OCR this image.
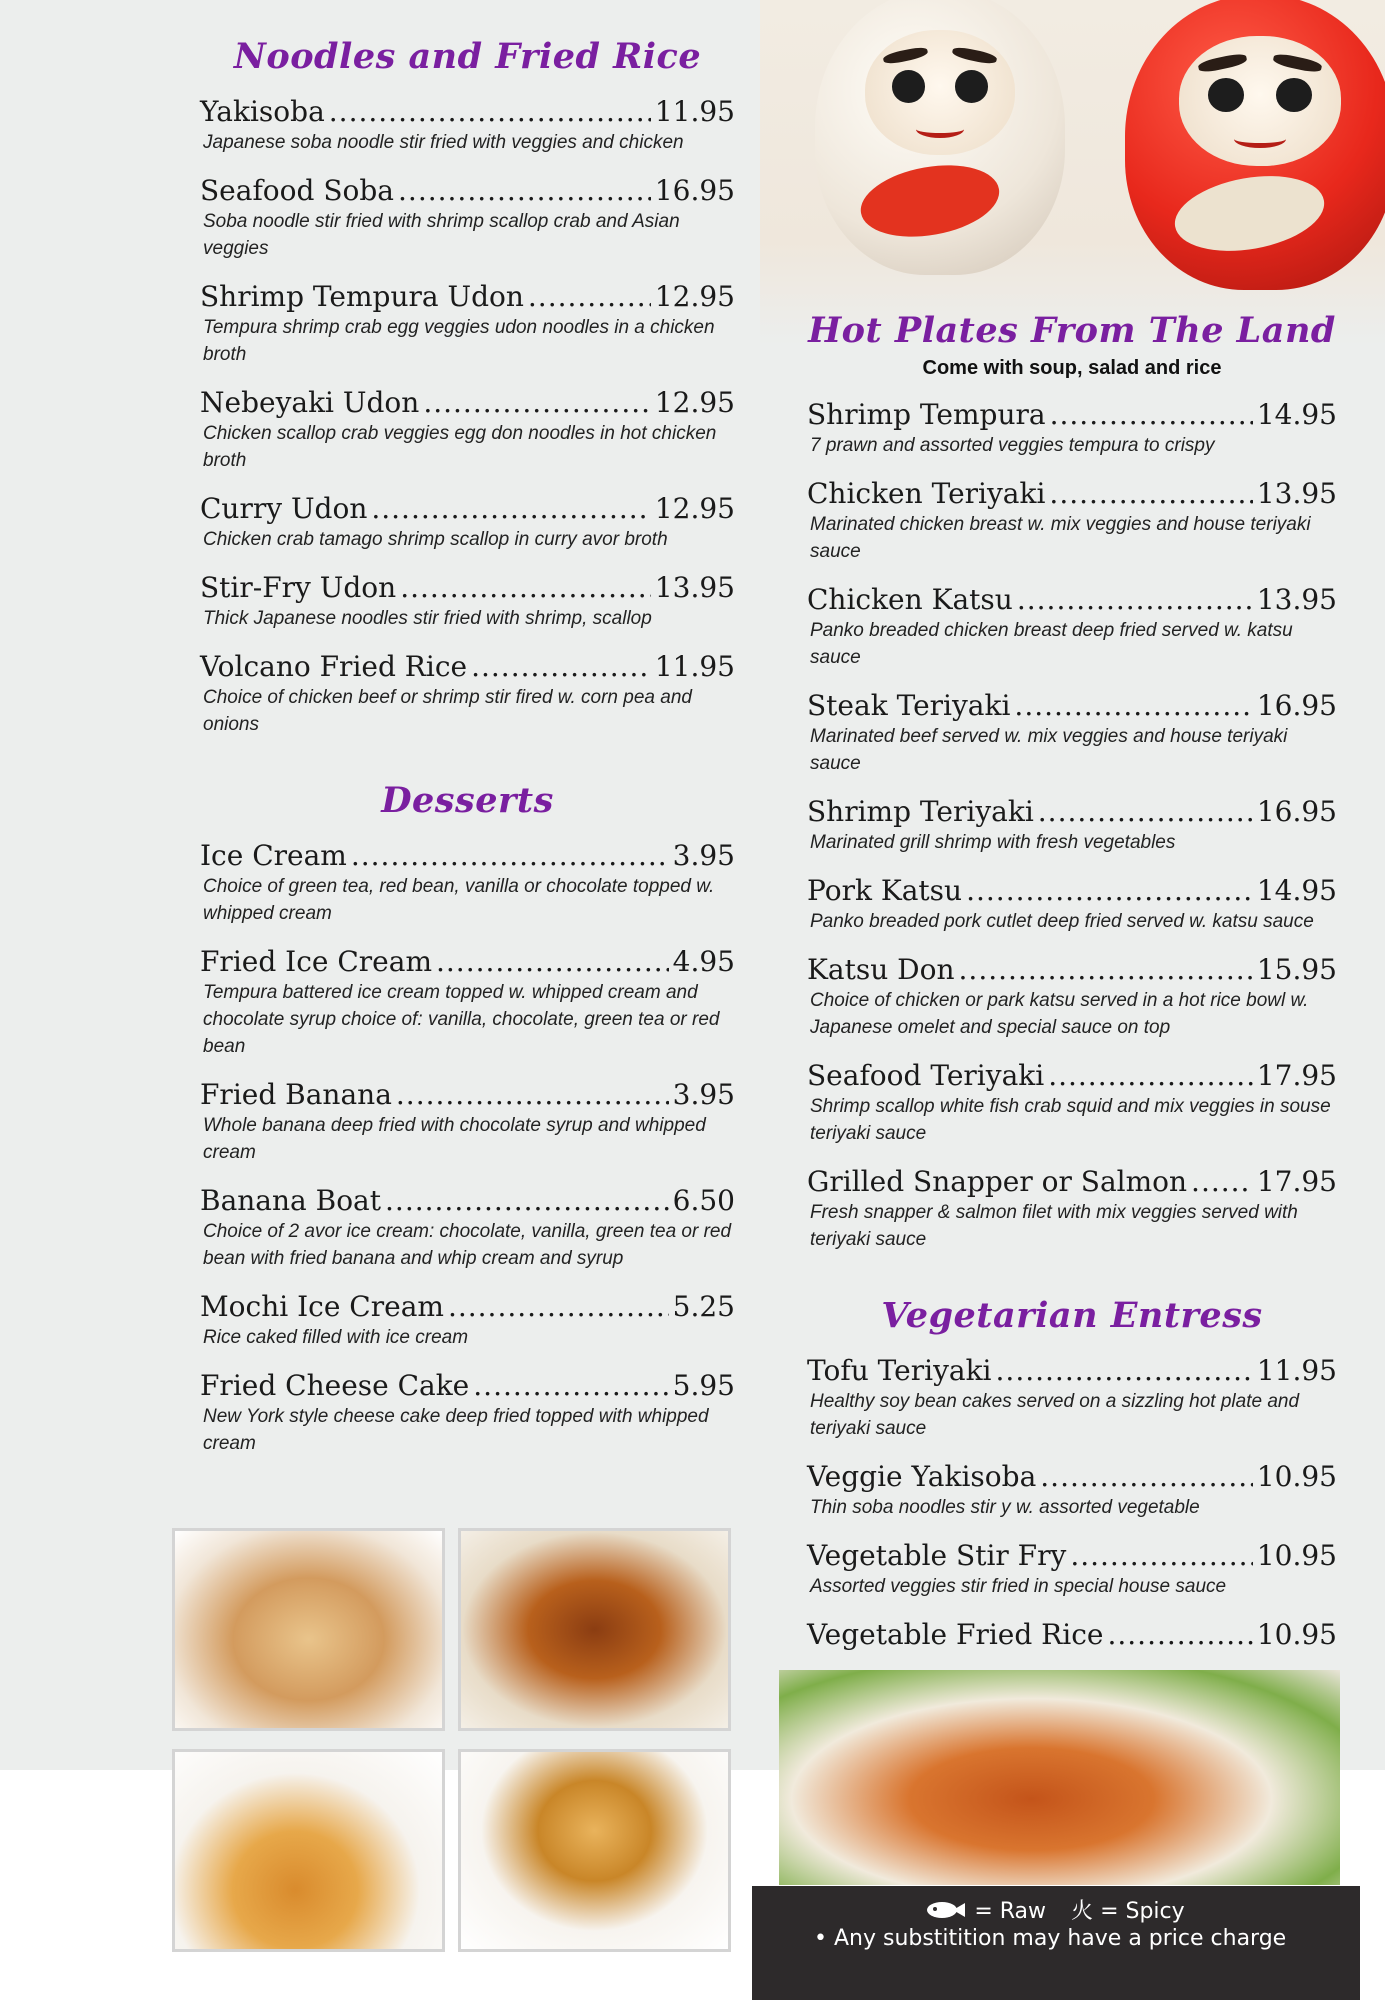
Noodles and Fried Rice
Yakisoba .....	11.95
Japanese soba noodle stir fried with veggies and chicken
Seafood Soba .....	16.95
Soba noodle stir fried with shrimp scallop crab and Asian veggies
Shrimp Tempura Udon .....	12.95
Tempura shrimp crab egg veggies udon noodles in a chicken broth
Nebeyaki Udon .....	12.95
Chicken scallop crab veggies egg don noodles in hot chicken broth
Curry Udon .....	12.95
Chicken crab tamago shrimp scallop in curry avor broth
Stir-Fry Udon .....	13.95
Thick Japanese noodles stir fried with shrimp, scallop
Volcano Fried Rice .....	11.95
Choice of chicken beef or shrimp stir fired w. corn pea and onions
Desserts
Ice Cream .....	3.95
Choice of green tea, red bean, vanilla or chocolate topped w. whipped cream
Fried Ice Cream .....	4.95
Tempura battered ice cream topped w. whipped cream and chocolate syrup choice of: vanilla, chocolate, green tea or red bean
Fried Banana .....	3.95
Whole banana deep fried with chocolate syrup and whipped cream
Banana Boat .....	6.50
Choice of 2 avor ice cream: chocolate, vanilla, green tea or red bean with fried banana and whip cream and syrup
Mochi Ice Cream .....	5.25
Rice caked filled with ice cream
Fried Cheese Cake .....	5.95
New York style cheese cake deep fried topped with whipped cream
Hot Plates From The Land
Come with soup, salad and rice
Shrimp Tempura .....	14.95
7 prawn and assorted veggies tempura to crispy
Chicken Teriyaki .....	13.95
Marinated chicken breast w. mix veggies and house teriyaki sauce
Chicken Katsu .....	13.95
Panko breaded chicken breast deep fried served w. katsu sauce
Steak Teriyaki .....	16.95
Marinated beef served w. mix veggies and house teriyaki sauce
Shrimp Teriyaki .....	16.95
Marinated grill shrimp with fresh vegetables
Pork Katsu .....	14.95
Panko breaded pork cutlet deep fried served w. katsu sauce
Katsu Don .....	15.95
Choice of chicken or park katsu served in a hot rice bowl w. Japanese omelet and special sauce on top
Seafood Teriyaki .....	17.95
Shrimp scallop white fish crab squid and mix veggies in souse teriyaki sauce
Grilled Snapper or Salmon ..... 17.95
Fresh snapper & salmon filet with mix veggies served with teriyaki sauce
Vegetarian Entress
Tofu Teriyaki .....	11.95
Healthy soy bean cakes served on a sizzling hot plate and teriyaki sauce
Veggie Yakisoba .....	10.95
Thin soba noodles stir y w. assorted vegetable
Vegetable Stir Fry .....	10.95
Assorted veggies stir fried in special house sauce
Vegetable Fried Rice .....	10.95
= Raw 火 = Spicy
• Any substitition may have a price charge
